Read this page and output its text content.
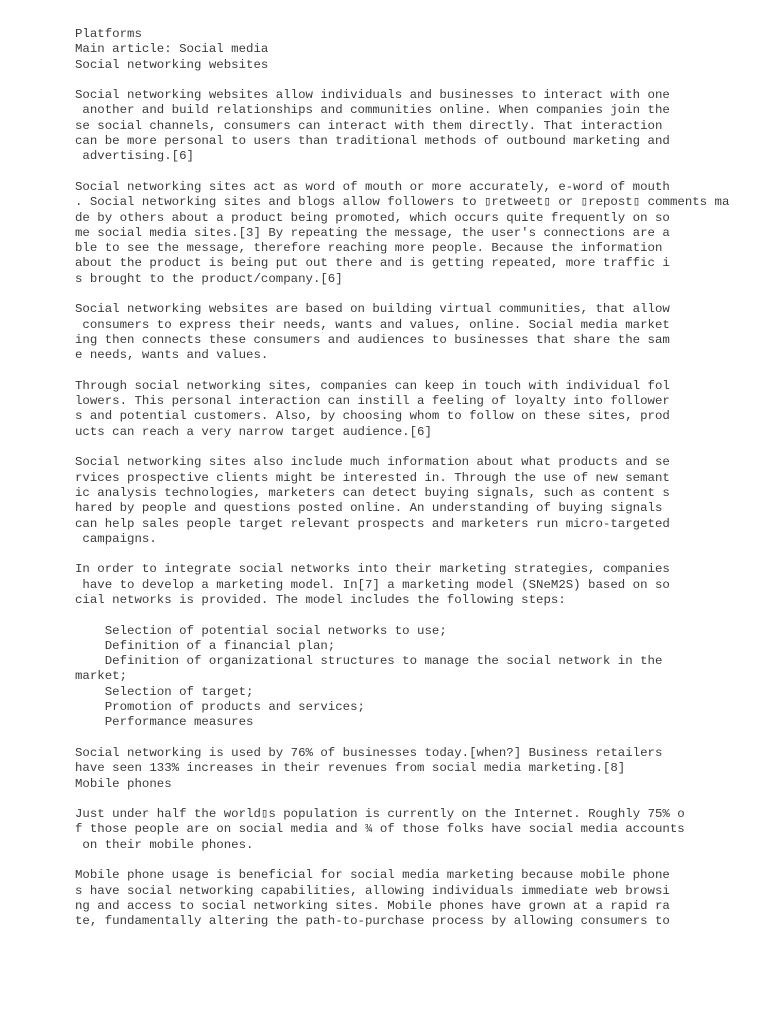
Platforms
Main article: Social media
Social networking websites
Social networking websites allow individuals and businesses to interact with one
another and build relationships and communities online. When companies join the
se social channels, consumers can interact with them directly. That interaction
can be more personal to users than traditional methods of outbound marketing and
advertising.[6]
Social networking sites act as word of mouth or more accurately, e-word of mouth
. Social networking sites and blogs allow followers to ▯retweet▯ or ▯repost▯ comments ma
de by others about a product being promoted, which occurs quite frequently on so
me social media sites.[3] By repeating the message, the user's connections are a
ble to see the message, therefore reaching more people. Because the information
about the product is being put out there and is getting repeated, more traffic i
s brought to the product/company.[6]
Social networking websites are based on building virtual communities, that allow
consumers to express their needs, wants and values, online. Social media market
ing then connects these consumers and audiences to businesses that share the sam
e needs, wants and values.
Through social networking sites, companies can keep in touch with individual fol
lowers. This personal interaction can instill a feeling of loyalty into follower
s and potential customers. Also, by choosing whom to follow on these sites, prod
ucts can reach a very narrow target audience.[6]
Social networking sites also include much information about what products and se
rvices prospective clients might be interested in. Through the use of new semant
ic analysis technologies, marketers can detect buying signals, such as content s
hared by people and questions posted online. An understanding of buying signals
can help sales people target relevant prospects and marketers run micro-targeted
campaigns.
In order to integrate social networks into their marketing strategies, companies
have to develop a marketing model. In[7] a marketing model (SNeM2S) based on so
cial networks is provided. The model includes the following steps:
Selection of potential social networks to use;
Definition of a financial plan;
Definition of organizational structures to manage the social network in the
market;
Selection of target;
Promotion of products and services;
Performance measures
Social networking is used by 76% of businesses today.[when?] Business retailers
have seen 133% increases in their revenues from social media marketing.[8]
Mobile phones
Just under half the world▯s population is currently on the Internet. Roughly 75% o
f those people are on social media and ¾ of those folks have social media accounts
on their mobile phones.
Mobile phone usage is beneficial for social media marketing because mobile phone
s have social networking capabilities, allowing individuals immediate web browsi
ng and access to social networking sites. Mobile phones have grown at a rapid ra
te, fundamentally altering the path-to-purchase process by allowing consumers to
